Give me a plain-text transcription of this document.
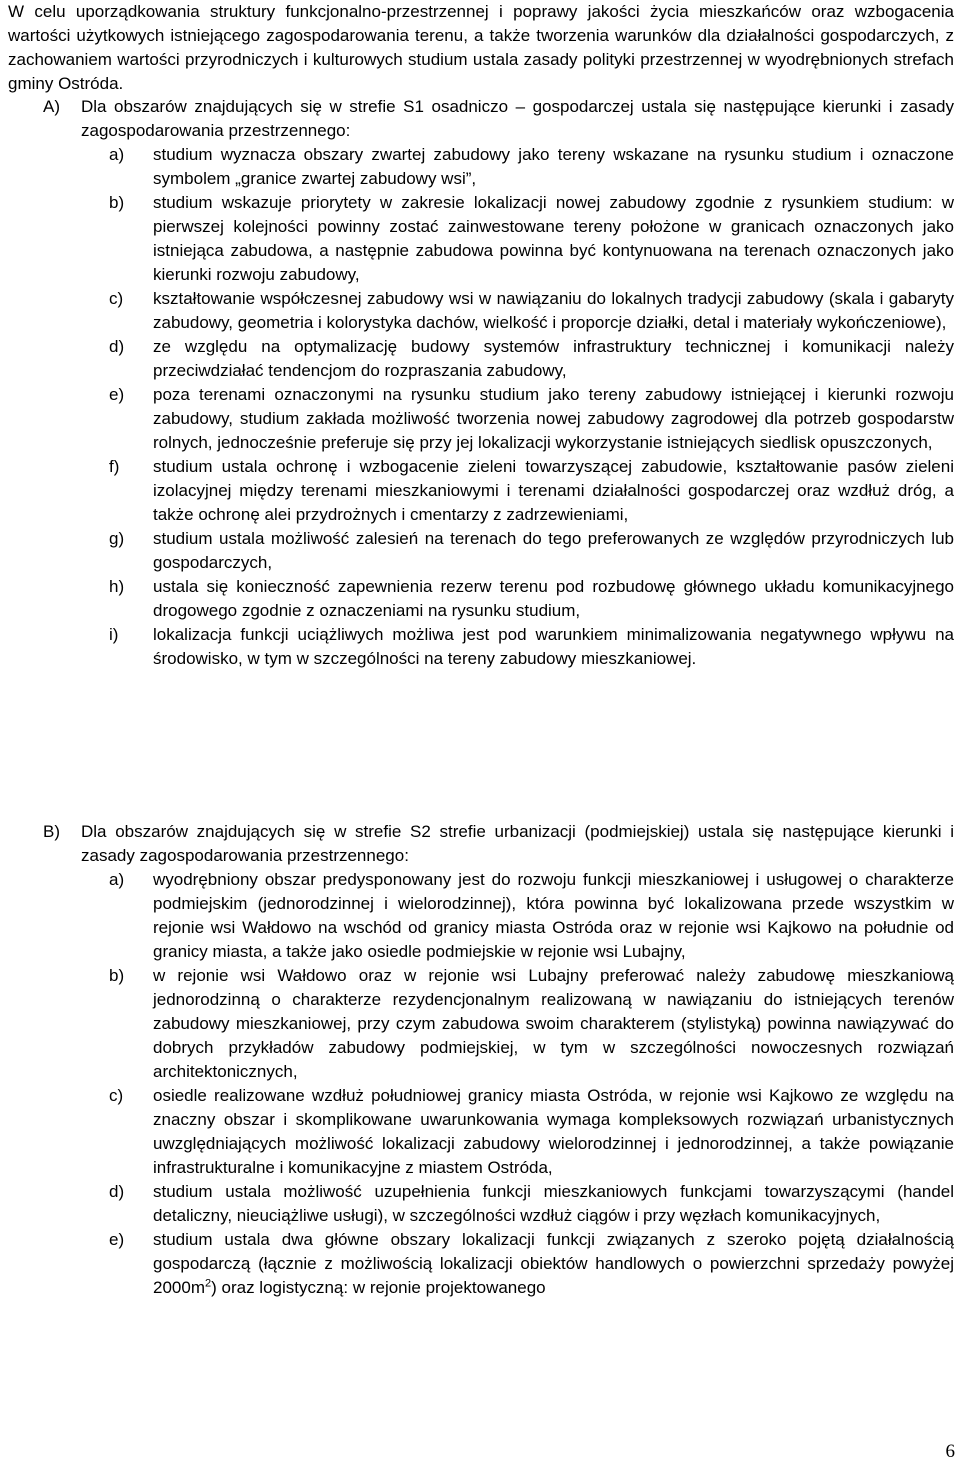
W celu uporządkowania struktury funkcjonalno-przestrzennej i poprawy jakości życia mieszkańców oraz wzbogacenia wartości użytkowych istniejącego zagospodarowania terenu, a także tworzenia warunków dla działalności gospodarczych, z zachowaniem wartości przyrodniczych i kulturowych studium ustala zasady polityki przestrzennej w wyodrębnionych strefach gminy Ostróda.
A) Dla obszarów znajdujących się w strefie S1 osadniczo – gospodarczej ustala się następujące kierunki i zasady zagospodarowania przestrzennego:
a) studium wyznacza obszary zwartej zabudowy jako tereny wskazane na rysunku studium i oznaczone symbolem „granice zwartej zabudowy wsi”,
b) studium wskazuje priorytety w zakresie lokalizacji nowej zabudowy zgodnie z rysunkiem studium: w pierwszej kolejności powinny zostać zainwestowane tereny położone w granicach oznaczonych jako istniejąca zabudowa, a następnie zabudowa powinna być kontynuowana na terenach oznaczonych jako kierunki rozwoju zabudowy,
c) kształtowanie współczesnej zabudowy wsi w nawiązaniu do lokalnych tradycji zabudowy (skala i gabaryty zabudowy, geometria i kolorystyka dachów, wielkość i proporcje działki, detal i materiały wykończeniowe),
d) ze względu na optymalizację budowy systemów infrastruktury technicznej i komunikacji należy przeciwdziałać tendencjom do rozpraszania zabudowy,
e) poza terenami oznaczonymi na rysunku studium jako tereny zabudowy istniejącej i kierunki rozwoju zabudowy, studium zakłada możliwość tworzenia nowej zabudowy zagrodowej dla potrzeb gospodarstw rolnych, jednocześnie preferuje się przy jej lokalizacji wykorzystanie istniejących siedlisk opuszczonych,
f) studium ustala ochronę i wzbogacenie zieleni towarzyszącej zabudowie, kształtowanie pasów zieleni izolacyjnej między terenami mieszkaniowymi i terenami działalności gospodarczej oraz wzdłuż dróg, a także ochronę alei przydrożnych i cmentarzy z zadrzewieniami,
g) studium ustala możliwość zalesień na terenach do tego preferowanych ze względów przyrodniczych lub gospodarczych,
h) ustala się konieczność zapewnienia rezerw terenu pod rozbudowę głównego układu komunikacyjnego drogowego zgodnie z oznaczeniami na rysunku studium,
i) lokalizacja funkcji uciążliwych możliwa jest pod warunkiem minimalizowania negatywnego wpływu na środowisko, w tym w szczególności na tereny zabudowy mieszkaniowej.
B) Dla obszarów znajdujących się w strefie S2 strefie urbanizacji (podmiejskiej) ustala się następujące kierunki i zasady zagospodarowania przestrzennego:
a) wyodrębniony obszar predysponowany jest do rozwoju funkcji mieszkaniowej i usługowej o charakterze podmiejskim (jednorodzinnej i wielorodzinnej), która powinna być lokalizowana przede wszystkim w rejonie wsi Wałdowo na wschód od granicy miasta Ostróda oraz w rejonie wsi Kajkowo na południe od granicy miasta, a także jako osiedle podmiejskie w rejonie wsi Lubajny,
b) w rejonie wsi Wałdowo oraz w rejonie wsi Lubajny preferować należy zabudowę mieszkaniową jednorodzinną o charakterze rezydencjonalnym realizowaną w nawiązaniu do istniejących terenów zabudowy mieszkaniowej, przy czym zabudowa swoim charakterem (stylistyką) powinna nawiązywać do dobrych przykładów zabudowy podmiejskiej, w tym w szczególności nowoczesnych rozwiązań architektonicznych,
c) osiedle realizowane wzdłuż południowej granicy miasta Ostróda, w rejonie wsi Kajkowo ze względu na znaczny obszar i skomplikowane uwarunkowania wymaga kompleksowych rozwiązań urbanistycznych uwzględniających możliwość lokalizacji zabudowy wielorodzinnej i jednorodzinnej, a także powiązanie infrastrukturalne i komunikacyjne z miastem Ostróda,
d) studium ustala możliwość uzupełnienia funkcji mieszkaniowych funkcjami towarzyszącymi (handel detaliczny, nieuciążliwe usługi), w szczególności wzdłuż ciągów i przy węzłach komunikacyjnych,
e) studium ustala dwa główne obszary lokalizacji funkcji związanych z szeroko pojętą działalnością gospodarczą (łącznie z możliwością lokalizacji obiektów handlowych o powierzchni sprzedaży powyżej $2000m^2$) oraz logistyczną: w rejonie projektowanego
6
